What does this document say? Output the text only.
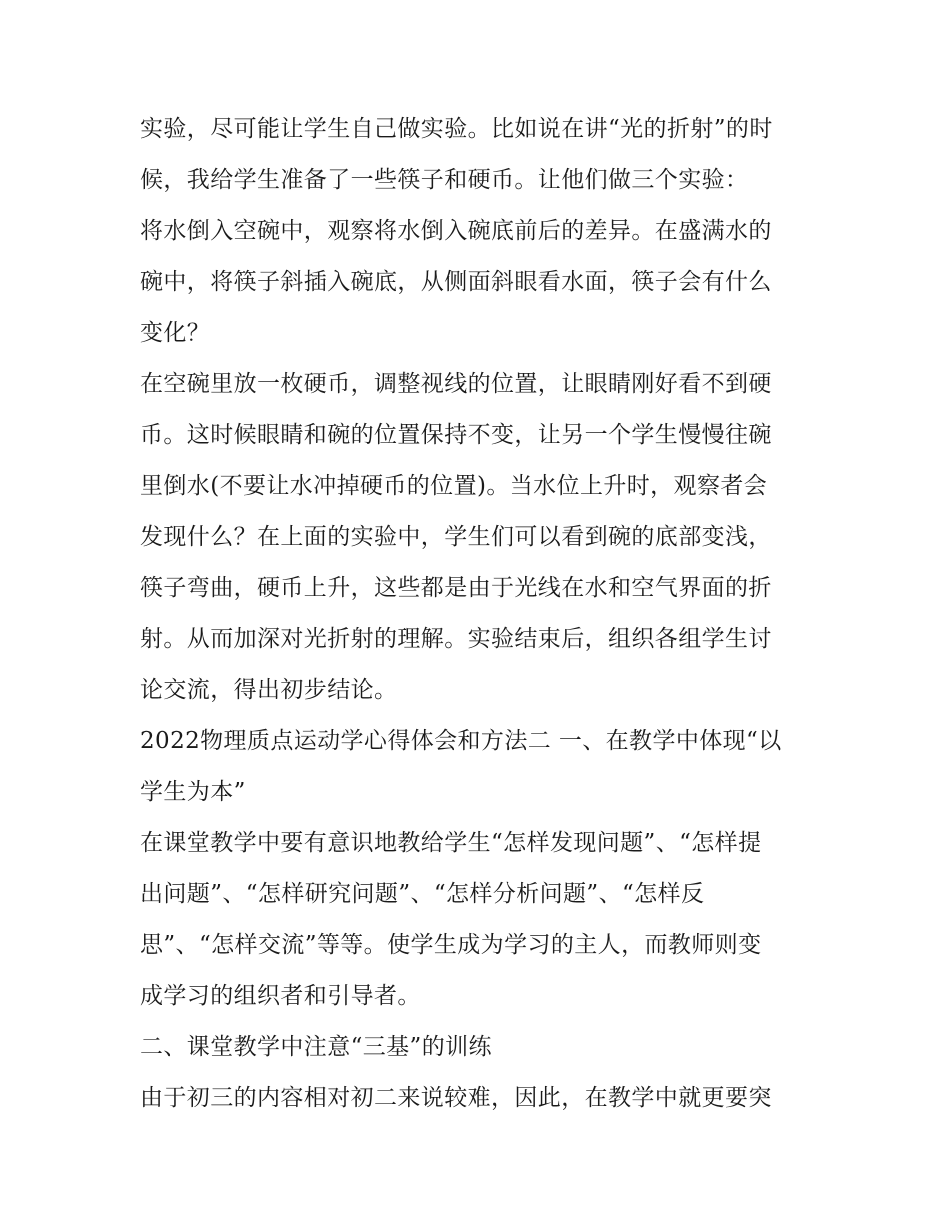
实验，尽可能让学生自己做实验。比如说在讲“光的折射”的时
候，我给学生准备了一些筷子和硬币。让他们做三个实验：
将水倒入空碗中，观察将水倒入碗底前后的差异。在盛满水的
碗中，将筷子斜插入碗底，从侧面斜眼看水面，筷子会有什么
变化？
在空碗里放一枚硬币，调整视线的位置，让眼睛刚好看不到硬
币。这时候眼睛和碗的位置保持不变，让另一个学生慢慢往碗
里倒水(不要让水冲掉硬币的位置)。当水位上升时，观察者会
发现什么？在上面的实验中，学生们可以看到碗的底部变浅，
筷子弯曲，硬币上升，这些都是由于光线在水和空气界面的折
射。从而加深对光折射的理解。实验结束后，组织各组学生讨
论交流，得出初步结论。
2022物理质点运动学心得体会和方法二 一、在教学中体现“以
学生为本”
在课堂教学中要有意识地教给学生“怎样发现问题”、“怎样提
出问题”、“怎样研究问题”、“怎样分析问题”、“怎样反
思”、“怎样交流”等等。使学生成为学习的主人，而教师则变
成学习的组织者和引导者。
二、课堂教学中注意“三基”的训练
由于初三的内容相对初二来说较难，因此，在教学中就更要突
